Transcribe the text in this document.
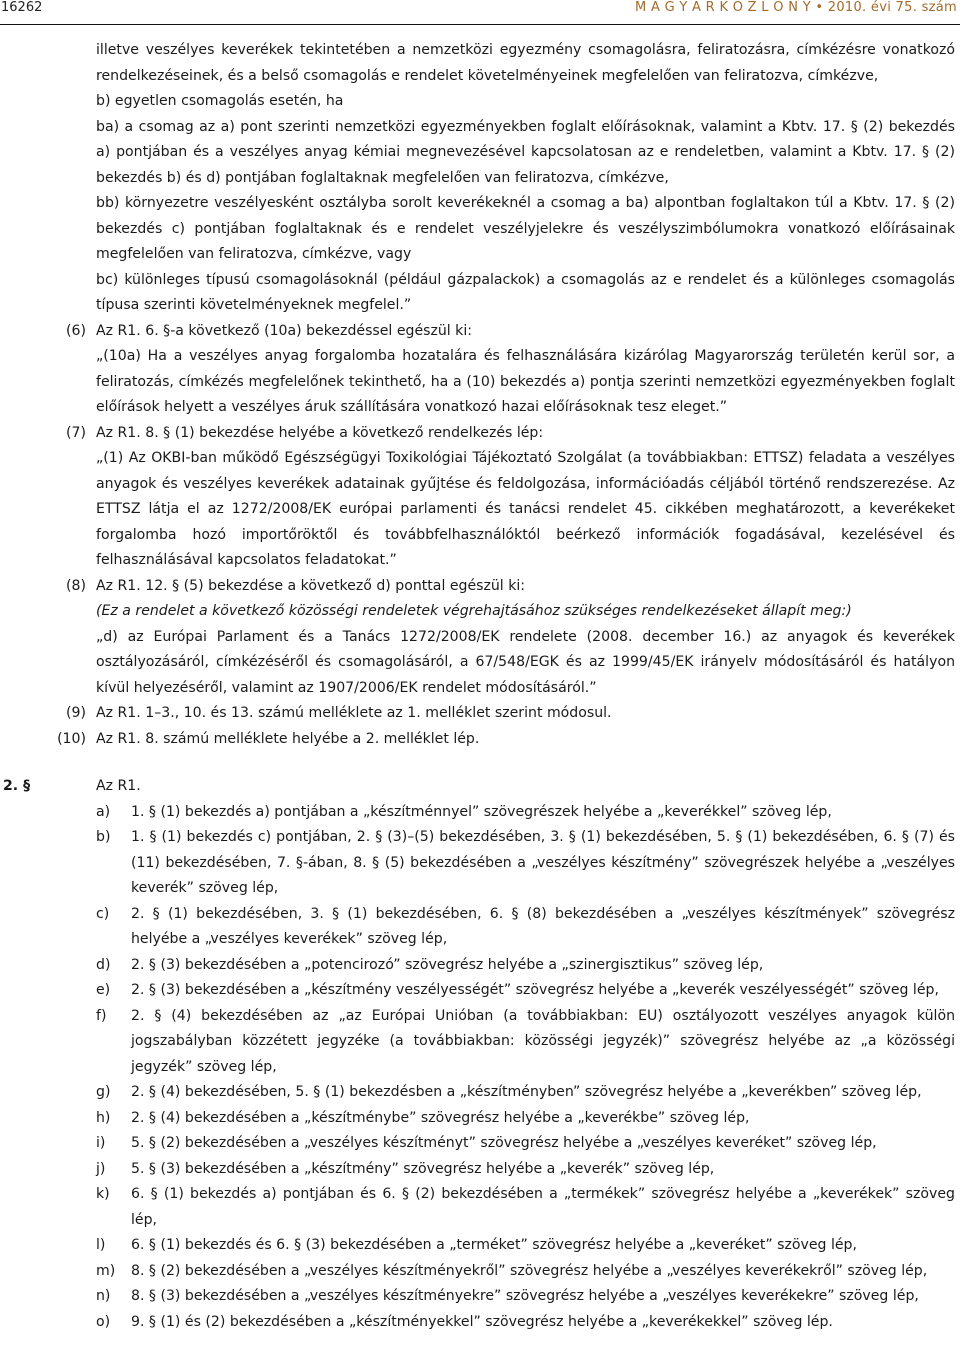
16262	M A G Y A R K Ö Z L Ö N Y • 2010. évi 75. szám

illetve veszélyes keverékek tekintetében a nemzetközi egyezmény csomagolásra, feliratozásra, címkézésre vonatkozó rendelkezéseinek, és a belső csomagolás e rendelet követelményeinek megfelelően van feliratozva, címkézve,

b) egyetlen csomagolás esetén, ha

ba) a csomag az a) pont szerinti nemzetközi egyezményekben foglalt előírásoknak, valamint a Kbtv. 17. § (2) bekezdés a) pontjában és a veszélyes anyag kémiai megnevezésével kapcsolatosan az e rendeletben, valamint a Kbtv. 17. § (2) bekezdés b) és d) pontjában foglaltaknak megfelelően van feliratozva, címkézve,

bb) környezetre veszélyesként osztályba sorolt keverékeknél a csomag a ba) alpontban foglaltakon túl a Kbtv. 17. § (2) bekezdés c) pontjában foglaltaknak és e rendelet veszélyjelekre és veszélyszimbólumokra vonatkozó előírásainak megfelelően van feliratozva, címkézve, vagy

bc) különleges típusú csomagolásoknál (például gázpalackok) a csomagolás az e rendelet és a különleges csomagolás típusa szerinti követelményeknek megfelel.”

(6) Az R1. 6. §-a következő (10a) bekezdéssel egészül ki:
„(10a) Ha a veszélyes anyag forgalomba hozatalára és felhasználására kizárólag Magyarország területén kerül sor, a feliratozás, címkézés megfelelőnek tekinthető, ha a (10) bekezdés a) pontja szerinti nemzetközi egyezményekben foglalt előírások helyett a veszélyes áruk szállítására vonatkozó hazai előírásoknak tesz eleget.”
(7) Az R1. 8. § (1) bekezdése helyébe a következő rendelkezés lép:
„(1) Az OKBI-ban működő Egészségügyi Toxikológiai Tájékoztató Szolgálat (a továbbiakban: ETTSZ) feladata a veszélyes anyagok és veszélyes keverékek adatainak gyűjtése és feldolgozása, információadás céljából történő rendszerezése. Az ETTSZ látja el az 1272/2008/EK európai parlamenti és tanácsi rendelet 45. cikkében meghatározott, a keverékeket forgalomba hozó importőröktől és továbbfelhasználóktól beérkező információk fogadásával, kezelésével és felhasználásával kapcsolatos feladatokat.”
(8) Az R1. 12. § (5) bekezdése a következő d) ponttal egészül ki:
(Ez a rendelet a következő közösségi rendeletek végrehajtásához szükséges rendelkezéseket állapít meg:)
„d) az Európai Parlament és a Tanács 1272/2008/EK rendelete (2008. december 16.) az anyagok és keverékek osztályozásáról, címkézéséről és csomagolásáról, a 67/548/EGK és az 1999/45/EK irányelv módosításáról és hatályon kívül helyezéséről, valamint az 1907/2006/EK rendelet módosításáról.”
(9) Az R1. 1–3., 10. és 13. számú melléklete az 1. melléklet szerint módosul.
(10) Az R1. 8. számú melléklete helyébe a 2. melléklet lép.
2. §	Az R1.
a) 1. § (1) bekezdés a) pontjában a „készítménnyel” szövegrészek helyébe a „keverékkel” szöveg lép,
b) 1. § (1) bekezdés c) pontjában, 2. § (3)–(5) bekezdésében, 3. § (1) bekezdésében, 5. § (1) bekezdésében, 6. § (7) és (11) bekezdésében, 7. §-ában, 8. § (5) bekezdésében a „veszélyes készítmény” szövegrészek helyébe a „veszélyes keverék” szöveg lép,
c) 2. § (1) bekezdésében, 3. § (1) bekezdésében, 6. § (8) bekezdésében a „veszélyes készítmények” szövegrész helyébe a „veszélyes keverékek” szöveg lép,
d) 2. § (3) bekezdésében a „potencirozó” szövegrész helyébe a „szinergisztikus” szöveg lép,
e) 2. § (3) bekezdésében a „készítmény veszélyességét” szövegrész helyébe a „keverék veszélyességét” szöveg lép,
f) 2. § (4) bekezdésében az „az Európai Unióban (a továbbiakban: EU) osztályozott veszélyes anyagok külön jogszabályban közzétett jegyzéke (a továbbiakban: közösségi jegyzék)” szövegrész helyébe az „a közösségi jegyzék” szöveg lép,
g) 2. § (4) bekezdésében, 5. § (1) bekezdésben a „készítményben” szövegrész helyébe a „keverékben” szöveg lép,
h) 2. § (4) bekezdésében a „készítménybe” szövegrész helyébe a „keverékbe” szöveg lép,
i) 5. § (2) bekezdésében a „veszélyes készítményt” szövegrész helyébe a „veszélyes keveréket” szöveg lép,
j) 5. § (3) bekezdésében a „készítmény” szövegrész helyébe a „keverék” szöveg lép,
k) 6. § (1) bekezdés a) pontjában és 6. § (2) bekezdésében a „termékek” szövegrész helyébe a „keverékek” szöveg lép,
l) 6. § (1) bekezdés és 6. § (3) bekezdésében a „terméket” szövegrész helyébe a „keveréket” szöveg lép,
m) 8. § (2) bekezdésében a „veszélyes készítményekről” szövegrész helyébe a „veszélyes keverékekről” szöveg lép,
n) 8. § (3) bekezdésében a „veszélyes készítményekre” szövegrész helyébe a „veszélyes keverékekre” szöveg lép,
o) 9. § (1) és (2) bekezdésében a „készítményekkel” szövegrész helyébe a „keverékekkel” szöveg lép.
